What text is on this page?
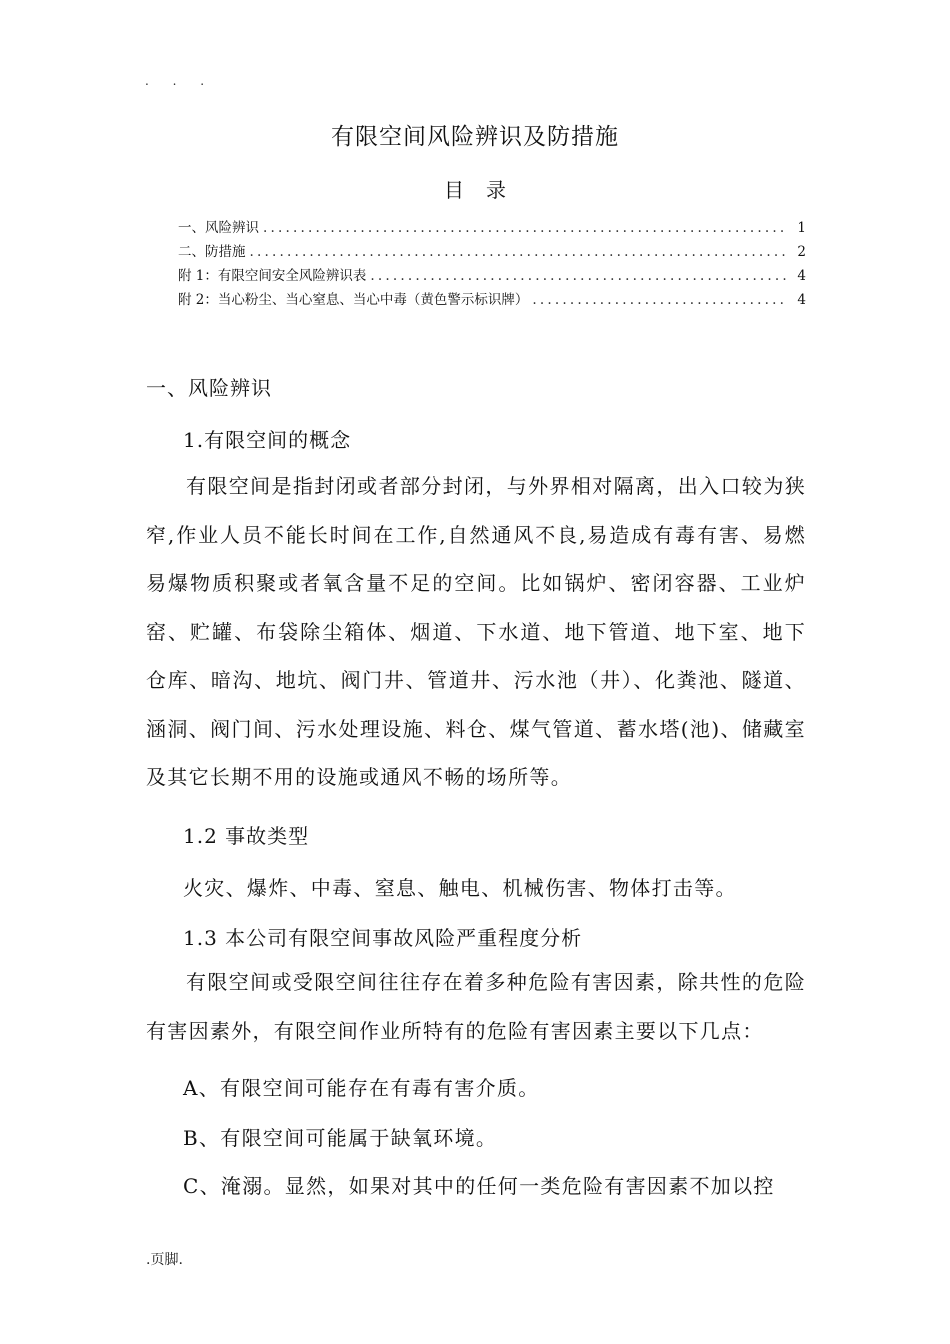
. . .
有限空间风险辨识及防措施
目录
一、风险辨识 .....	1
二、防措施 .....	2
附 1：有限空间安全风险辨识表 .....	4
附 2：当心粉尘、当心窒息、当心中毒（黄色警示标识牌） .....	4
一、风险辨识
1.有限空间的概念

有限空间是指封闭或者部分封闭，与外界相对隔离，出入口较为狭窄,作业人员不能长时间在工作,自然通风不良,易造成有毒有害、易燃易爆物质积聚或者氧含量不足的空间。比如锅炉、密闭容器、工业炉窑、贮罐、布袋除尘箱体、烟道、下水道、地下管道、地下室、地下仓库、暗沟、地坑、阀门井、管道井、污水池（井）、化粪池、隧道、涵洞、阀门间、污水处理设施、料仓、煤气管道、蓄水塔(池)、储藏室及其它长期不用的设施或通风不畅的场所等。

1.2 事故类型
火灾、爆炸、中毒、窒息、触电、机械伤害、物体打击等。
1.3 本公司有限空间事故风险严重程度分析

有限空间或受限空间往往存在着多种危险有害因素，除共性的危险有害因素外，有限空间作业所特有的危险有害因素主要以下几点：

A、有限空间可能存在有毒有害介质。
B、有限空间可能属于缺氧环境。
C、淹溺。显然，如果对其中的任何一类危险有害因素不加以控
.页脚.
